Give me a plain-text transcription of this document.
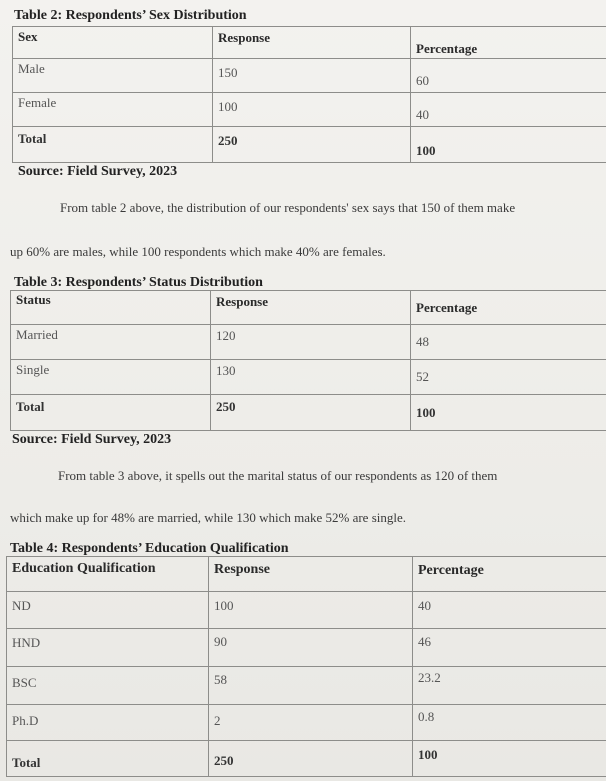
Table 2: Respondents’ Sex Distribution
Sex	Response	Percentage

Male	150	60

Female	100	40

Total	250	100
Source: Field Survey, 2023
From table 2 above, the distribution of our respondents' sex says that 150 of them make
up 60% are males, while 100 respondents which make 40% are females.
Table 3: Respondents’ Status Distribution
Status	Response	Percentage

Married	120	48

Single	130	52

Total	250	100
Source: Field Survey, 2023
From table 3 above, it spells out the marital status of our respondents as 120 of them
which make up for 48% are married, while 130 which make 52% are single.
Table 4: Respondents’ Education Qualification
Education Qualification	Response	Percentage

ND	100	40

HND	90	46

BSC	58	23.2

Ph.D	2	0.8

Total	250	100
